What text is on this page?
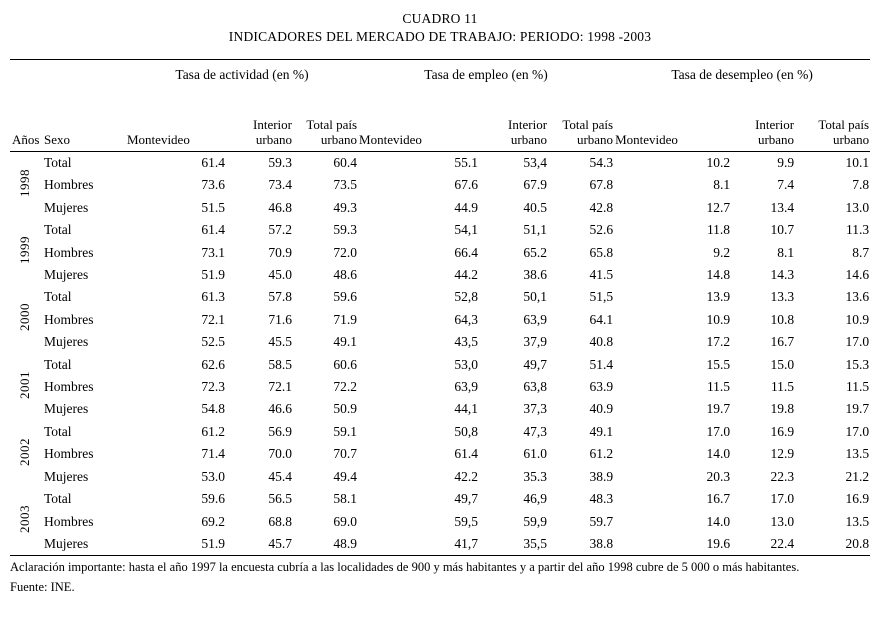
CUADRO 11
INDICADORES DEL MERCADO DE TRABAJO: PERIODO: 1998 -2003
		Tasa de actividad (en %)			Tasa de empleo (en %)			Tasa de desempleo (en %)		
Años	Sexo	Montevideo	Interior urbano	Total país urbano	Montevideo	Interior urbano	Total país urbano	Montevideo	Interior urbano	Total país urbano
1998	Total	61.4	59.3	60.4	55.1	53,4	54.3	10.2	9.9	10.1
	Hombres	73.6	73.4	73.5	67.6	67.9	67.8	8.1	7.4	7.8
	Mujeres	51.5	46.8	49.3	44.9	40.5	42.8	12.7	13.4	13.0
1999	Total	61.4	57.2	59.3	54,1	51,1	52.6	11.8	10.7	11.3
	Hombres	73.1	70.9	72.0	66.4	65.2	65.8	9.2	8.1	8.7
	Mujeres	51.9	45.0	48.6	44.2	38.6	41.5	14.8	14.3	14.6
2000	Total	61.3	57.8	59.6	52,8	50,1	51,5	13.9	13.3	13.6
	Hombres	72.1	71.6	71.9	64,3	63,9	64.1	10.9	10.8	10.9
	Mujeres	52.5	45.5	49.1	43,5	37,9	40.8	17.2	16.7	17.0
2001	Total	62.6	58.5	60.6	53,0	49,7	51.4	15.5	15.0	15.3
	Hombres	72.3	72.1	72.2	63,9	63,8	63.9	11.5	11.5	11.5
	Mujeres	54.8	46.6	50.9	44,1	37,3	40.9	19.7	19.8	19.7
2002	Total	61.2	56.9	59.1	50,8	47,3	49.1	17.0	16.9	17.0
	Hombres	71.4	70.0	70.7	61.4	61.0	61.2	14.0	12.9	13.5
	Mujeres	53.0	45.4	49.4	42.2	35.3	38.9	20.3	22.3	21.2
2003	Total	59.6	56.5	58.1	49,7	46,9	48.3	16.7	17.0	16.9
	Hombres	69.2	68.8	69.0	59,5	59,9	59.7	14.0	13.0	13.5
	Mujeres	51.9	45.7	48.9	41,7	35,5	38.8	19.6	22.4	20.8
Aclaración importante: hasta el año 1997 la encuesta cubría a las localidades de 900 y más habitantes y a partir del año 1998 cubre de 5 000 o más habitantes.
Fuente: INE.
